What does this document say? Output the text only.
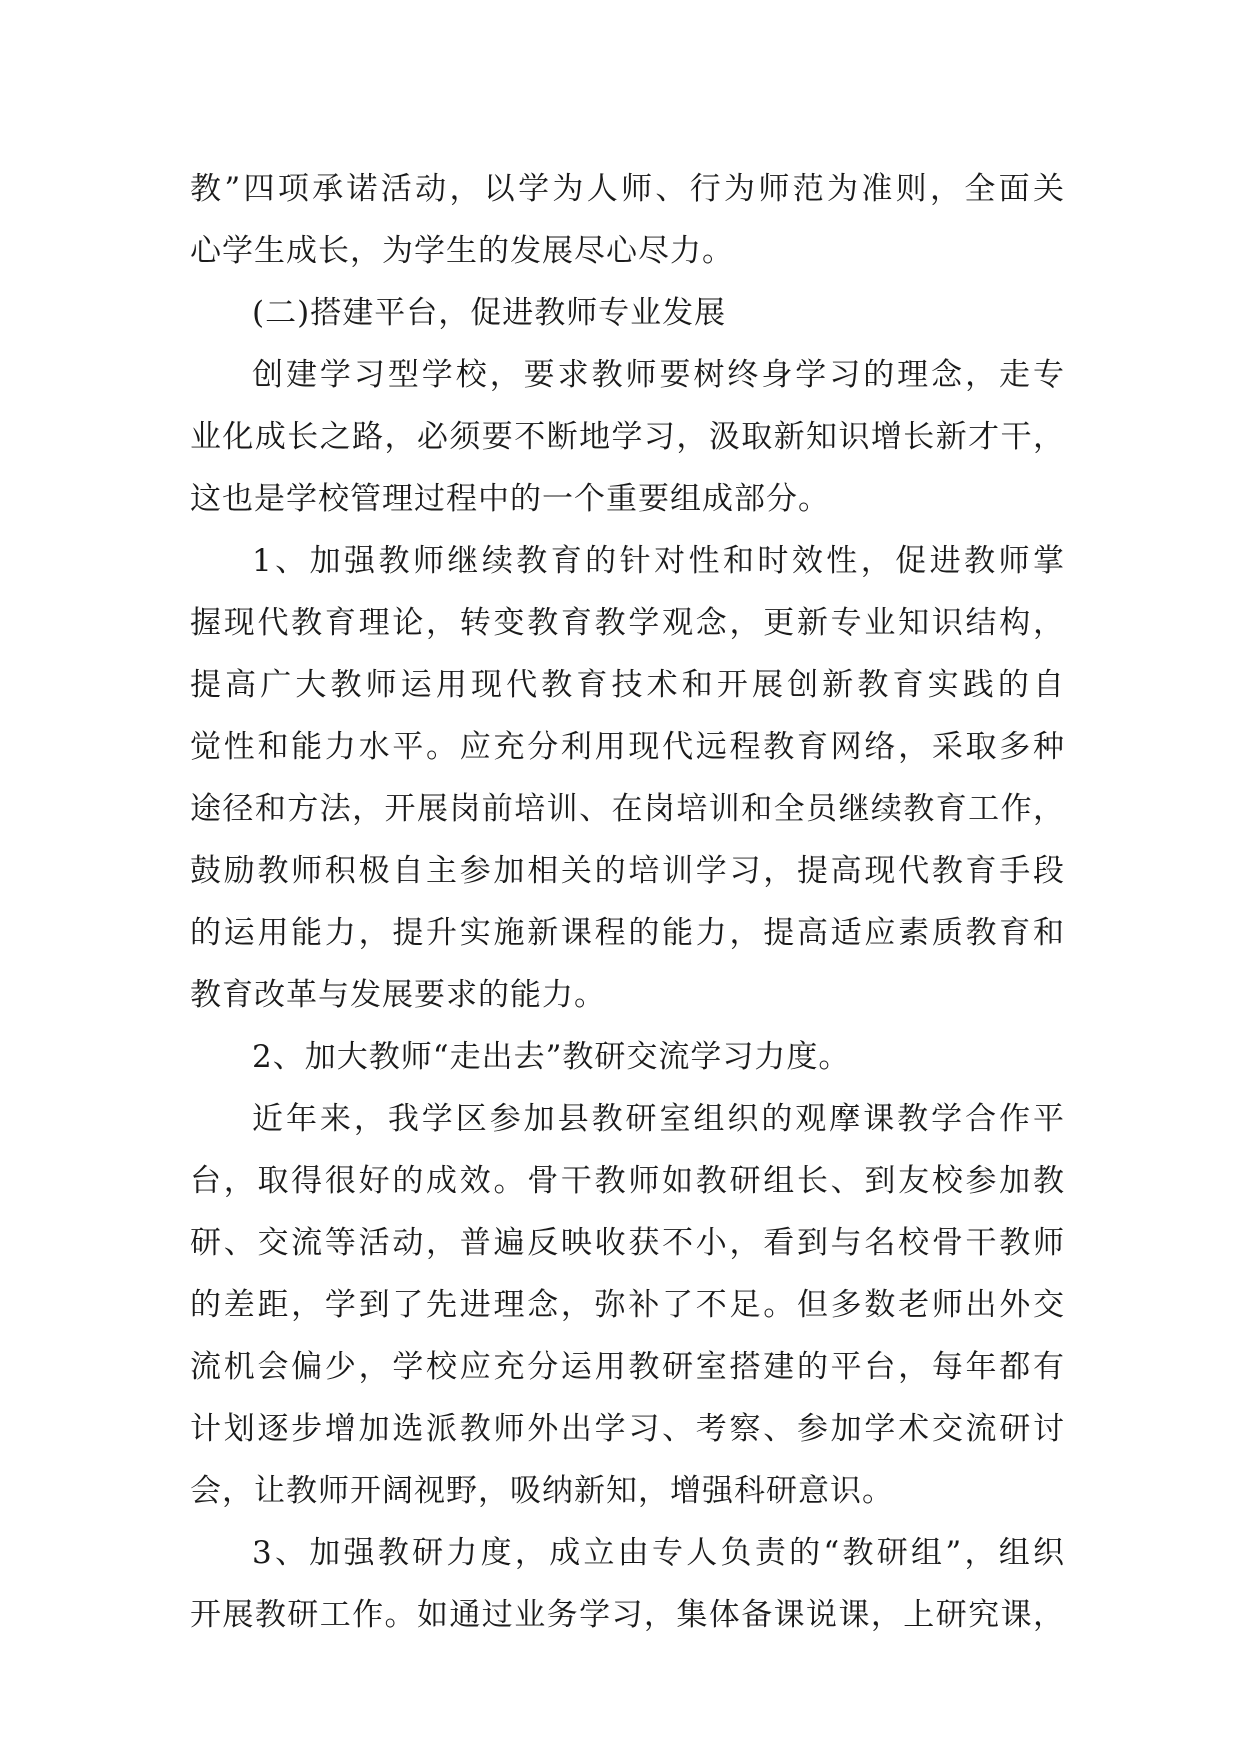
教”四项承诺活动，以学为人师、行为师范为准则，全面关
心学生成长，为学生的发展尽心尽力。
(二)搭建平台，促进教师专业发展
创建学习型学校，要求教师要树终身学习的理念，走专
业化成长之路，必须要不断地学习，汲取新知识增长新才干，
这也是学校管理过程中的一个重要组成部分。
1、加强教师继续教育的针对性和时效性，促进教师掌
握现代教育理论，转变教育教学观念，更新专业知识结构，
提高广大教师运用现代教育技术和开展创新教育实践的自
觉性和能力水平。应充分利用现代远程教育网络，采取多种
途径和方法，开展岗前培训、在岗培训和全员继续教育工作，
鼓励教师积极自主参加相关的培训学习，提高现代教育手段
的运用能力，提升实施新课程的能力，提高适应素质教育和
教育改革与发展要求的能力。
2、加大教师“走出去”教研交流学习力度。
近年来，我学区参加县教研室组织的观摩课教学合作平
台，取得很好的成效。骨干教师如教研组长、到友校参加教
研、交流等活动，普遍反映收获不小，看到与名校骨干教师
的差距，学到了先进理念，弥补了不足。但多数老师出外交
流机会偏少，学校应充分运用教研室搭建的平台，每年都有
计划逐步增加选派教师外出学习、考察、参加学术交流研讨
会，让教师开阔视野，吸纳新知，增强科研意识。
3、加强教研力度，成立由专人负责的“教研组”，组织
开展教研工作。如通过业务学习，集体备课说课，上研究课，
